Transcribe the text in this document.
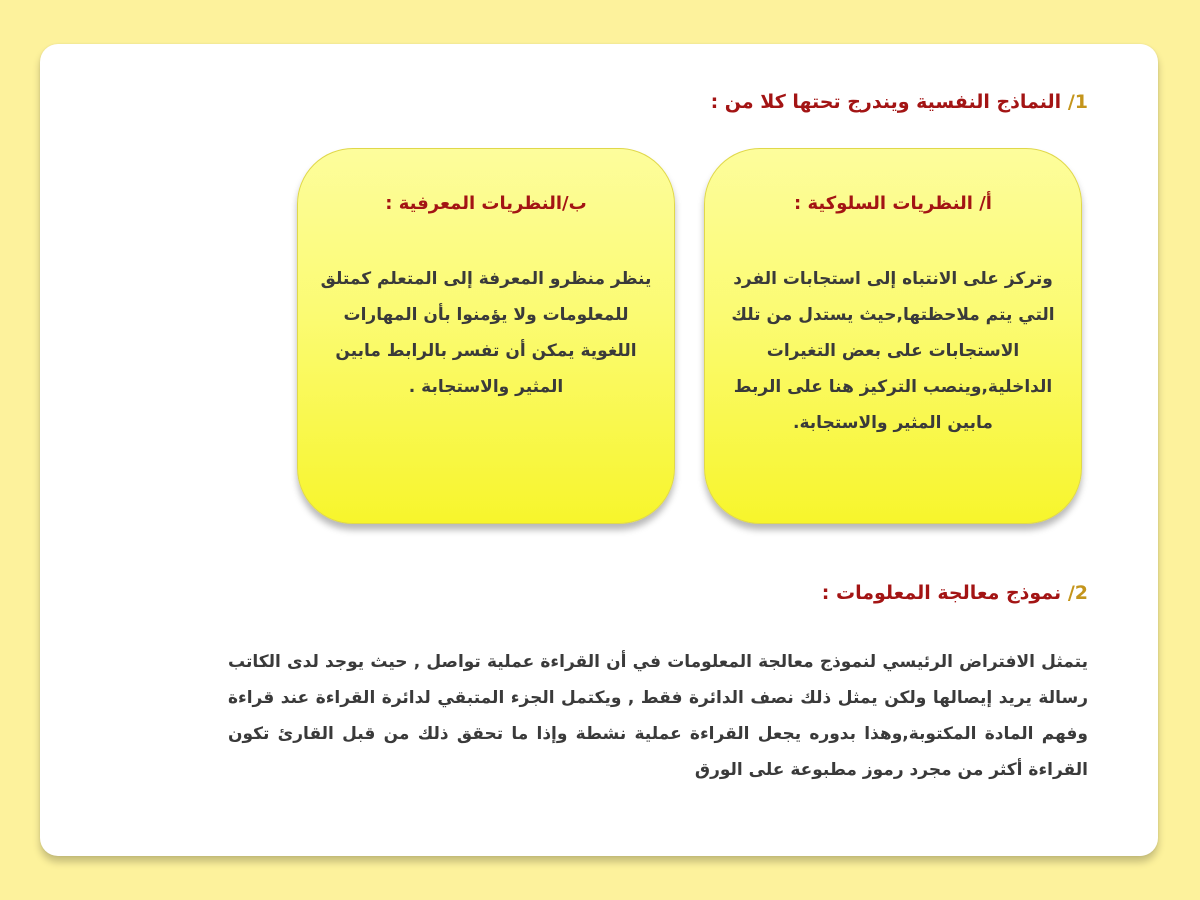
1/ النماذج النفسية ويندرج تحتها كلا من :
أ/ النظريات السلوكية :
وتركز على الانتباه إلى استجابات الفرد التي يتم ملاحظتها,حيث يستدل من تلك الاستجابات على بعض التغيرات الداخلية,وينصب التركيز هنا على الربط مابين المثير والاستجابة.
ب/النظريات المعرفية :
ينظر منظرو المعرفة إلى المتعلم كمتلق للمعلومات ولا يؤمنوا بأن المهارات اللغوية يمكن أن تفسر بالرابط مابين المثير والاستجابة .
2/ نموذج معالجة المعلومات :
يتمثل الافتراض الرئيسي لنموذج معالجة المعلومات في أن القراءة عملية تواصل , حيث يوجد لدى الكاتب رسالة يريد إيصالها ولكن يمثل ذلك نصف الدائرة فقط , ويكتمل الجزء المتبقي لدائرة القراءة عند قراءة وفهم المادة المكتوبة,وهذا بدوره يجعل القراءة عملية نشطة وإذا ما تحقق ذلك من قبل القارئ تكون القراءة أكثر من مجرد رموز مطبوعة على الورق
